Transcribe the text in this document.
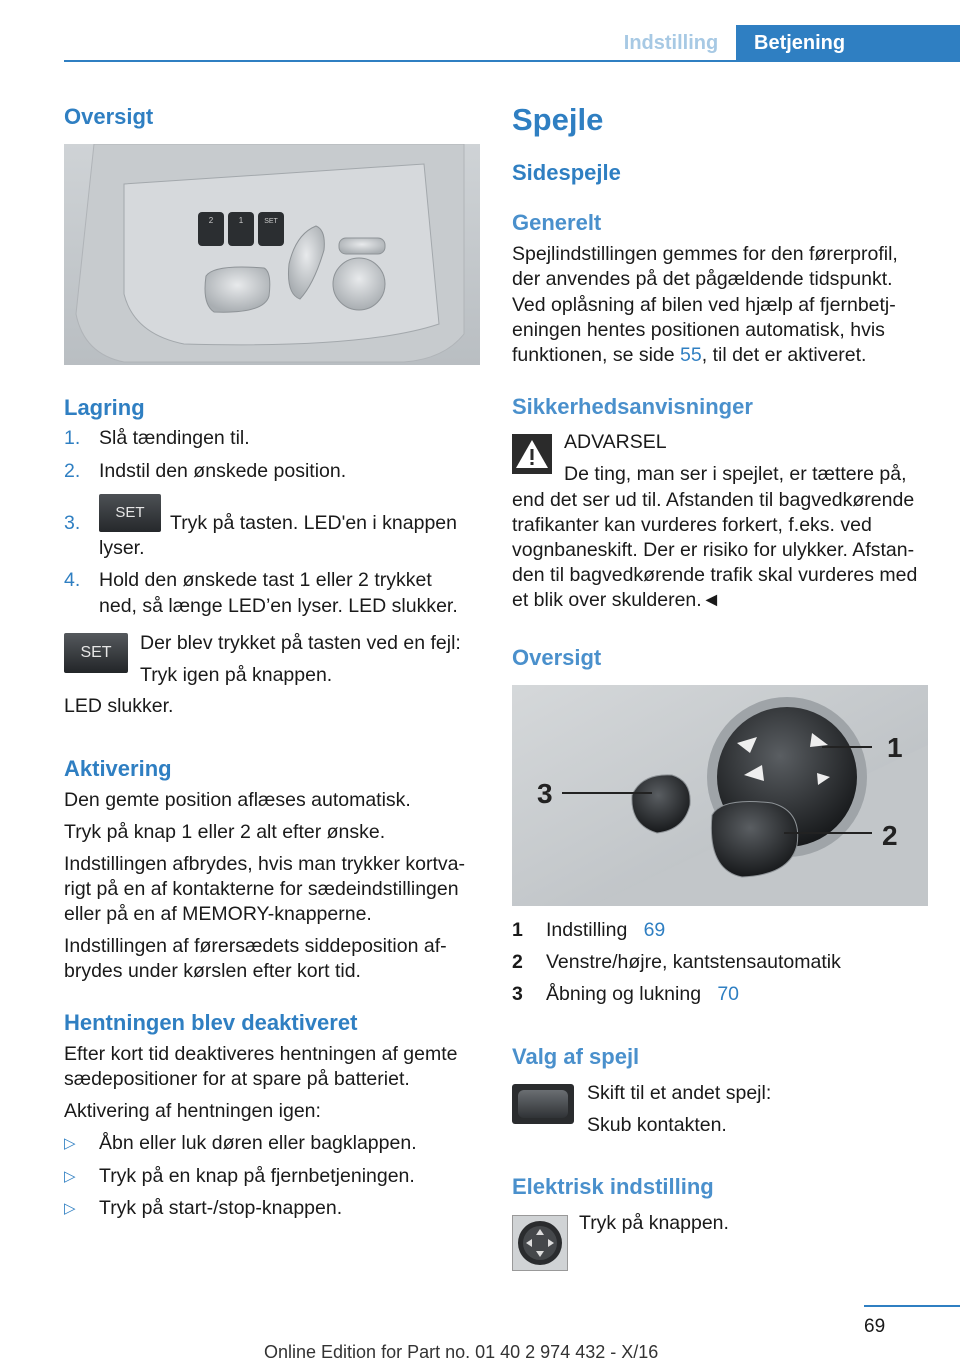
Indstilling	Betjening
Oversigt
2	1	SET
Lagring
1. Slå tændingen til.

2. Indstil den ønskede position.

3.	SET	Tryk på tasten. LED'en i knappen

lyser.

4. Hold den ønskede tast 1 eller 2 trykket

ned, så længe LED’en lyser. LED slukker.

SET	Der blev trykket på tasten ved en fejl:

Tryk igen på knappen.

LED slukker.

Aktivering

Den gemte position aflæses automatisk.

Tryk på knap 1 eller 2 alt efter ønske.

Indstillingen afbrydes, hvis man trykker kortva-

rigt på en af kontakterne for sædeindstillingen

eller på en af MEMORY-knapperne.

Indstillingen af førersædets siddeposition af-

brydes under kørslen efter kort tid.

Hentningen blev deaktiveret

Efter kort tid deaktiveres hentningen af gemte

sædepositioner for at spare på batteriet.

Aktivering af hentningen igen:

▷ Åbn eller luk døren eller bagklappen.

▷ Tryk på en knap på fjernbetjeningen.

▷ Tryk på start-/stop-knappen.

Spejle
Sidespejle
Generelt

Spejlindstillingen gemmes for den førerprofil,

der anvendes på det pågældende tidspunkt.

Ved oplåsning af bilen ved hjælp af fjernbetj-

eningen hentes positionen automatisk, hvis

funktionen, se side 55, til det er aktiveret.

Sikkerhedsanvisninger

ADVARSEL

De ting, man ser i spejlet, er tættere på,

end det ser ud til. Afstanden til bagvedkørende

trafikanter kan vurderes forkert, f.eks. ved

vognbaneskift. Der er risiko for ulykker. Afstan-

den til bagvedkørende trafik skal vurderes med

et blik over skulderen.◄

Oversigt
1
2
3
1 Indstilling 69

2 Venstre/højre, kantstensautomatik

3 Åbning og lukning 70

Valg af spejl

Skift til et andet spejl:

Skub kontakten.

Elektrisk indstilling

Tryk på knappen.

69
Online Edition for Part no. 01 40 2 974 432 - X/16
